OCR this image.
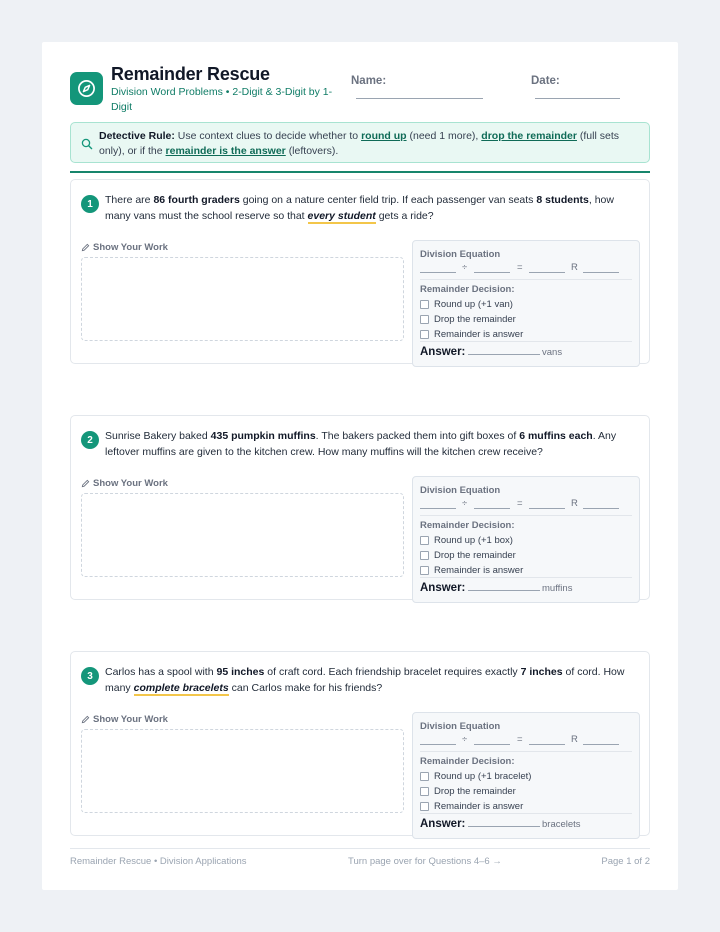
Remainder Rescue
Division Word Problems • 2-Digit & 3-Digit by 1-Digit
Name:	Date:
Detective Rule: Use context clues to decide whether to round up (need 1 more), drop the remainder (full sets only), or if the remainder is the answer (leftovers).
1	There are 86 fourth graders going on a nature center field trip. If each passenger van seats 8 students, how many vans must the school reserve so that every student gets a ride?
Show Your Work
Division Equation
÷	=	R
Remainder Decision:
Round up (+1 van)
Drop the remainder
Remainder is answer
Answer:	vans
2	Sunrise Bakery baked 435 pumpkin muffins. The bakers packed them into gift boxes of 6 muffins each. Any leftover muffins are given to the kitchen crew. How many muffins will the kitchen crew receive?
Show Your Work
Division Equation
÷	=	R
Remainder Decision:
Round up (+1 box)
Drop the remainder
Remainder is answer
Answer:	muffins
3	Carlos has a spool with 95 inches of craft cord. Each friendship bracelet requires exactly 7 inches of cord. How many complete bracelets can Carlos make for his friends?
Show Your Work
Division Equation
÷	=	R
Remainder Decision:
Round up (+1 bracelet)
Drop the remainder
Remainder is answer
Answer:	bracelets
Remainder Rescue • Division Applications	Turn page over for Questions 4–6 →	Page 1 of 2
